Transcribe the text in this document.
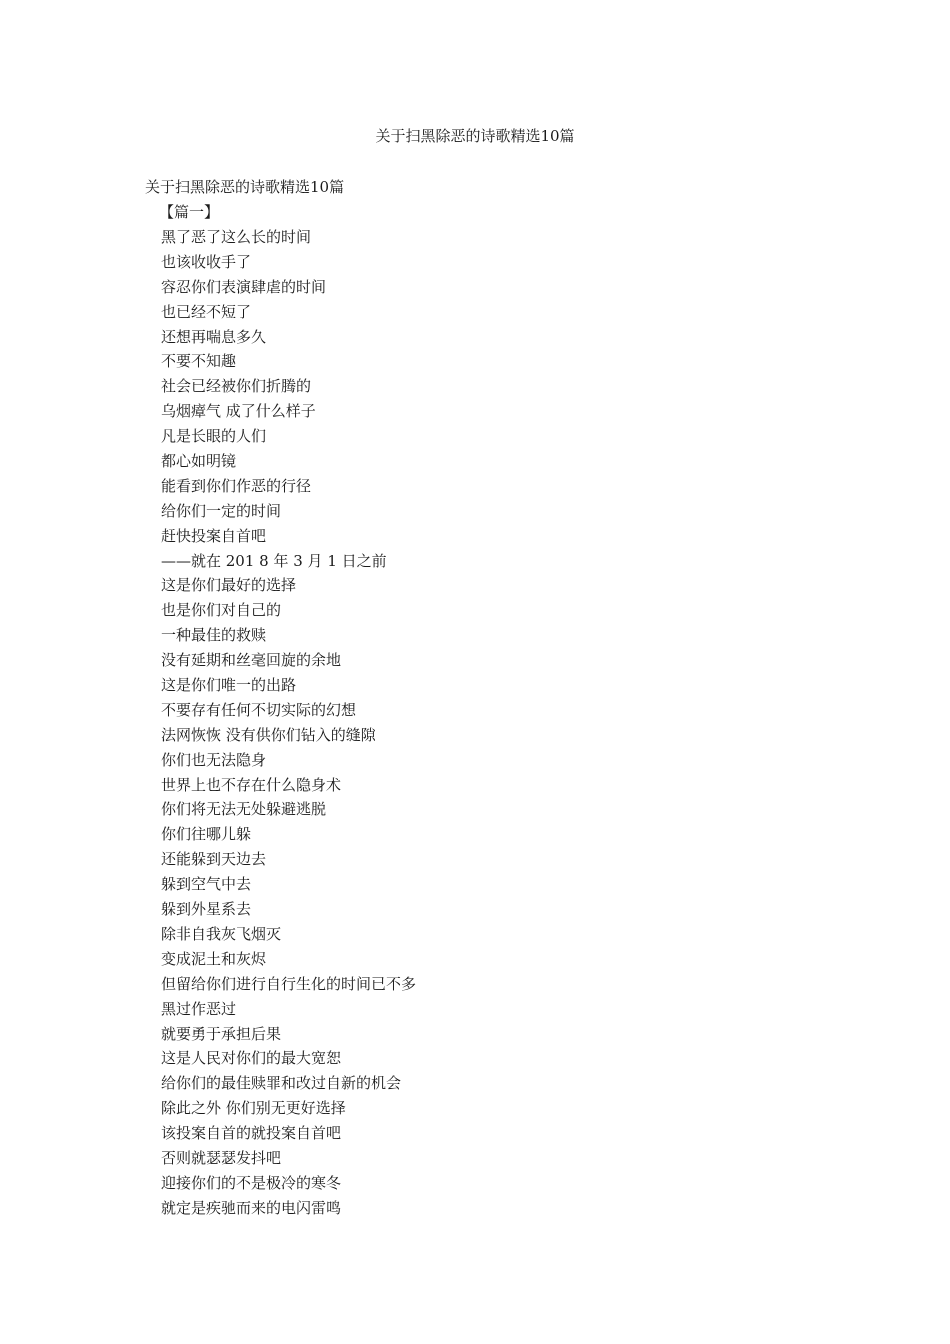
关于扫黑除恶的诗歌精选10篇
关于扫黑除恶的诗歌精选10篇
【篇一】
黑了恶了这么长的时间
也该收收手了
容忍你们表演肆虐的时间
也已经不短了
还想再喘息多久
不要不知趣
社会已经被你们折腾的
乌烟瘴气 成了什么样子
凡是长眼的人们
都心如明镜
能看到你们作恶的行径
给你们一定的时间
赶快投案自首吧
——就在 201 8 年 3 月 1 日之前
这是你们最好的选择
也是你们对自己的
一种最佳的救赎
没有延期和丝毫回旋的余地
这是你们唯一的出路
不要存有任何不切实际的幻想
法网恢恢 没有供你们钻入的缝隙
你们也无法隐身
世界上也不存在什么隐身术
你们将无法无处躲避逃脱
你们往哪儿躲
还能躲到天边去
躲到空气中去
躲到外星系去
除非自我灰飞烟灭
变成泥土和灰烬
但留给你们进行自行生化的时间已不多
黑过作恶过
就要勇于承担后果
这是人民对你们的最大宽恕
给你们的最佳赎罪和改过自新的机会
除此之外 你们别无更好选择
该投案自首的就投案自首吧
否则就瑟瑟发抖吧
迎接你们的不是极冷的寒冬
就定是疾驰而来的电闪雷鸣
